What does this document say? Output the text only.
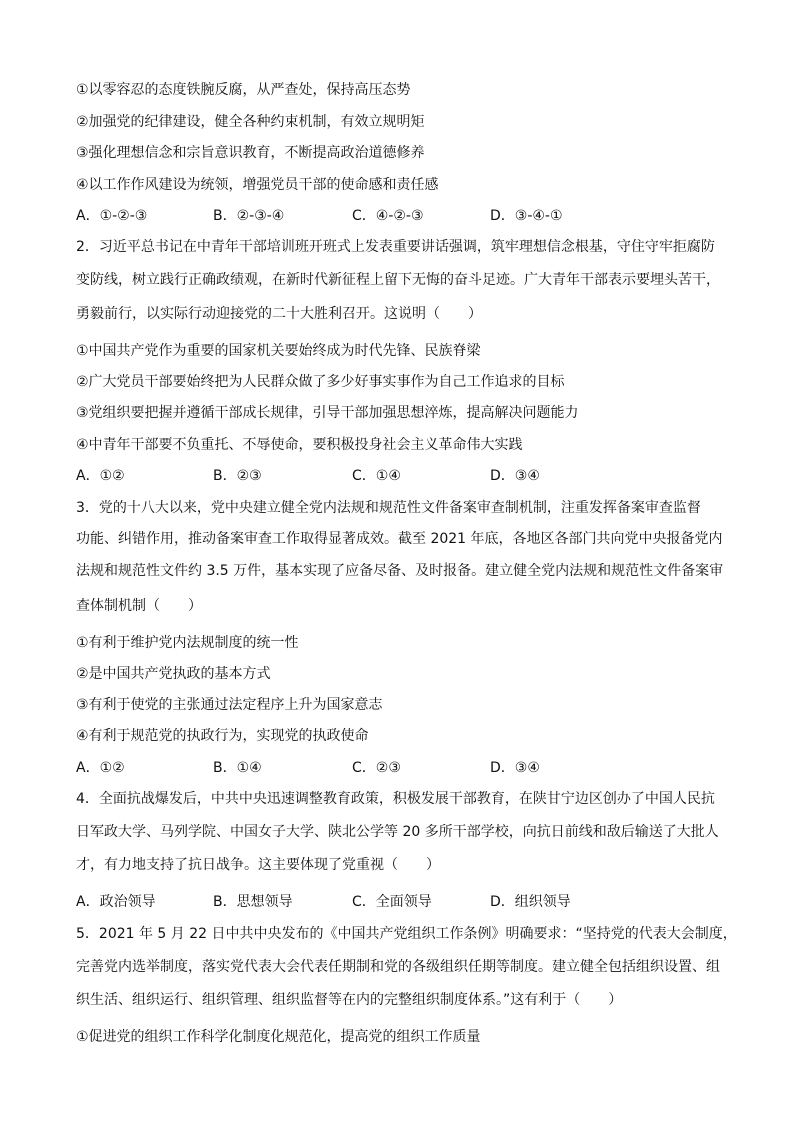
①以零容忍的态度铁腕反腐，从严查处，保持高压态势
②加强党的纪律建设，健全各种约束机制，有效立规明矩
③强化理想信念和宗旨意识教育，不断提高政治道德修养
④以工作作风建设为统领，增强党员干部的使命感和责任感
A．①-②-③	B．②-③-④	C．④-②-③	D．③-④-①
2．习近平总书记在中青年干部培训班开班式上发表重要讲话强调，筑牢理想信念根基，守住守牢拒腐防
变防线，树立践行正确政绩观，在新时代新征程上留下无悔的奋斗足迹。广大青年干部表示要埋头苦干，
勇毅前行，以实际行动迎接党的二十大胜利召开。这说明（　　）
①中国共产党作为重要的国家机关要始终成为时代先锋、民族脊梁
②广大党员干部要始终把为人民群众做了多少好事实事作为自己工作追求的目标
③党组织要把握并遵循干部成长规律，引导干部加强思想淬炼，提高解决问题能力
④中青年干部要不负重托、不辱使命，要积极投身社会主义革命伟大实践
A．①②	B．②③	C．①④	D．③④
3．党的十八大以来，党中央建立健全党内法规和规范性文件备案审查制机制，注重发挥备案审查监督
功能、纠错作用，推动备案审查工作取得显著成效。截至 2021 年底，各地区各部门共向党中央报备党内
法规和规范性文件约 3.5 万件，基本实现了应备尽备、及时报备。建立健全党内法规和规范性文件备案审
查体制机制（　　）
①有利于维护党内法规制度的统一性
②是中国共产党执政的基本方式
③有利于使党的主张通过法定程序上升为国家意志
④有利于规范党的执政行为，实现党的执政使命
A．①②	B．①④	C．②③	D．③④
4．全面抗战爆发后，中共中央迅速调整教育政策，积极发展干部教育，在陕甘宁边区创办了中国人民抗
日军政大学、马列学院、中国女子大学、陕北公学等 20 多所干部学校，向抗日前线和敌后输送了大批人
才，有力地支持了抗日战争。这主要体现了党重视（　　）
A．政治领导	B．思想领导	C．全面领导	D．组织领导
5．2021 年 5 月 22 日中共中央发布的《中国共产党组织工作条例》明确要求：“坚持党的代表大会制度，
完善党内选举制度，落实党代表大会代表任期制和党的各级组织任期等制度。建立健全包括组织设置、组
织生活、组织运行、组织管理、组织监督等在内的完整组织制度体系。”这有利于（　　）
①促进党的组织工作科学化制度化规范化，提高党的组织工作质量
